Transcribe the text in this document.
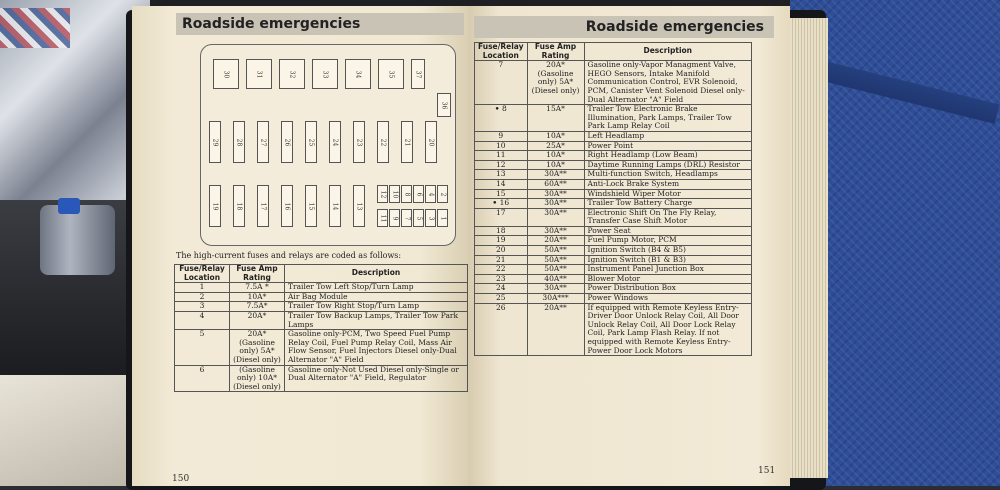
Roadside emergencies
30	31	32	33	34	35	37
36
29	28	27	26	25	24	23	22	21	20
19	18	17	16	15	14	13
12 10 8 6 4 2
11 9 7 5 3 1
The high-current fuses and relays are coded as follows:
Fuse/Relay Location	Fuse Amp Rating	Description
1	7.5A *	Trailer Tow Left Stop/Turn Lamp
2	10A*	Air Bag Module
3	7.5A*	Trailer Tow Right Stop/Turn Lamp
4	20A*	Trailer Tow Backup Lamps, Trailer Tow Park Lamps
5	20A* (Gasoline only) 5A* (Diesel only)	Gasoline only-PCM, Two Speed Fuel Pump Relay Coil, Fuel Pump Relay Coil, Mass Air Flow Sensor, Fuel Injectors Diesel only-Dual Alternator "A" Field
6	(Gasoline only) 10A*(Diesel only)	Gasoline only-Not Used Diesel only-Single or Dual Alternator "A" Field, Regulator
150
Roadside emergencies
Fuse/Relay Location	Fuse Amp Rating	Description
7	20A* (Gasoline only) 5A* (Diesel only)	Gasoline only-Vapor Managment Valve, HEGO Sensors, Intake Manifold Communication Control, EVR Solenoid, PCM, Canister Vent Solenoid Diesel only-Dual Alternator "A" Field
• 8	15A*	Trailer Tow Electronic Brake Illumination, Park Lamps, Trailer Tow Park Lamp Relay Coil
9	10A*	Left Headlamp
10	25A*	Power Point
11	10A*	Right Headlamp (Low Beam)
12	10A*	Daytime Running Lamps (DRL) Resistor
13	30A**	Multi-function Switch, Headlamps
14	60A**	Anti-Lock Brake System
15	30A**	Windshield Wiper Motor
• 16	30A**	Trailer Tow Battery Charge
17	30A**	Electronic Shift On The Fly Relay, Transfer Case Shift Motor
18	30A**	Power Seat
19	20A**	Fuel Pump Motor, PCM
20	50A**	Ignition Switch (B4 & B5)
21	50A**	Ignition Switch (B1 & B3)
22	50A**	Instrument Panel Junction Box
23	40A**	Blower Motor
24	30A**	Power Distribution Box
25	30A***	Power Windows
26	20A**	If equipped with Remote Keyless Entry-Driver Door Unlock Relay Coil, All Door Unlock Relay Coil, All Door Lock Relay Coil, Park Lamp Flash Relay. If not equipped with Remote Keyless Entry-Power Door Lock Motors
151
